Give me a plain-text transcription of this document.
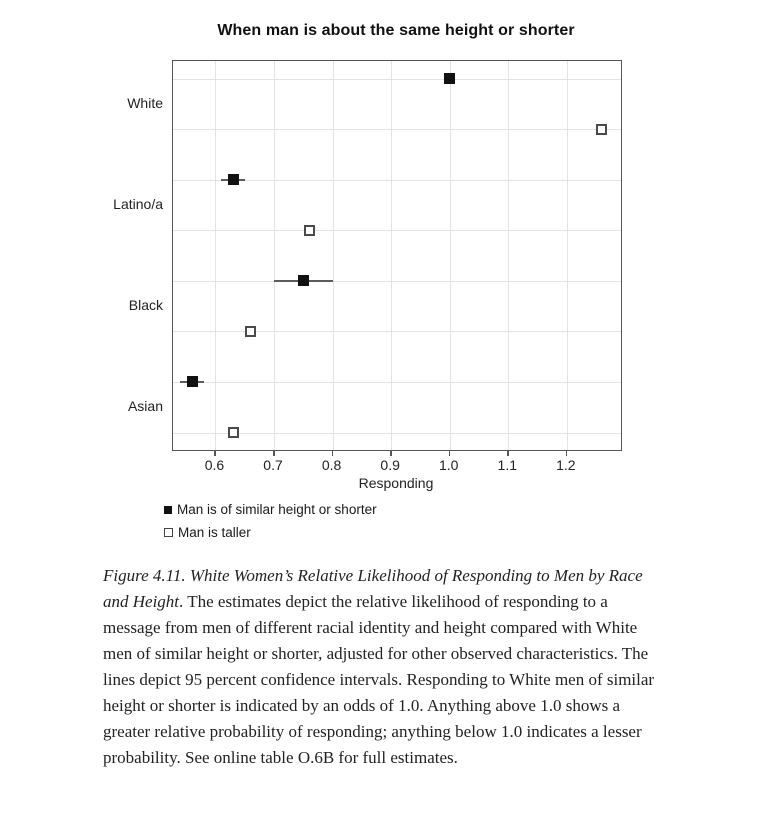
When man is about the same height or shorter
Responding
Man is of similar height or shorter
Man is taller

Figure 4.11. White Women’s Relative Likelihood of Responding to Men by Race and Height. The estimates depict the relative likelihood of responding to a message from men of different racial identity and height compared with White men of similar height or shorter, adjusted for other observed characteristics. The lines depict 95 percent confidence intervals. Responding to White men of similar height or shorter is indicated by an odds of 1.0. Anything above 1.0 shows a greater relative probability of responding; anything below 1.0 indicates a lesser probability. See online table O.6B for full estimates.

White
Latino/a
Black
Asian
0.6	0.7	0.8	0.9	1.0	1.1	1.2
